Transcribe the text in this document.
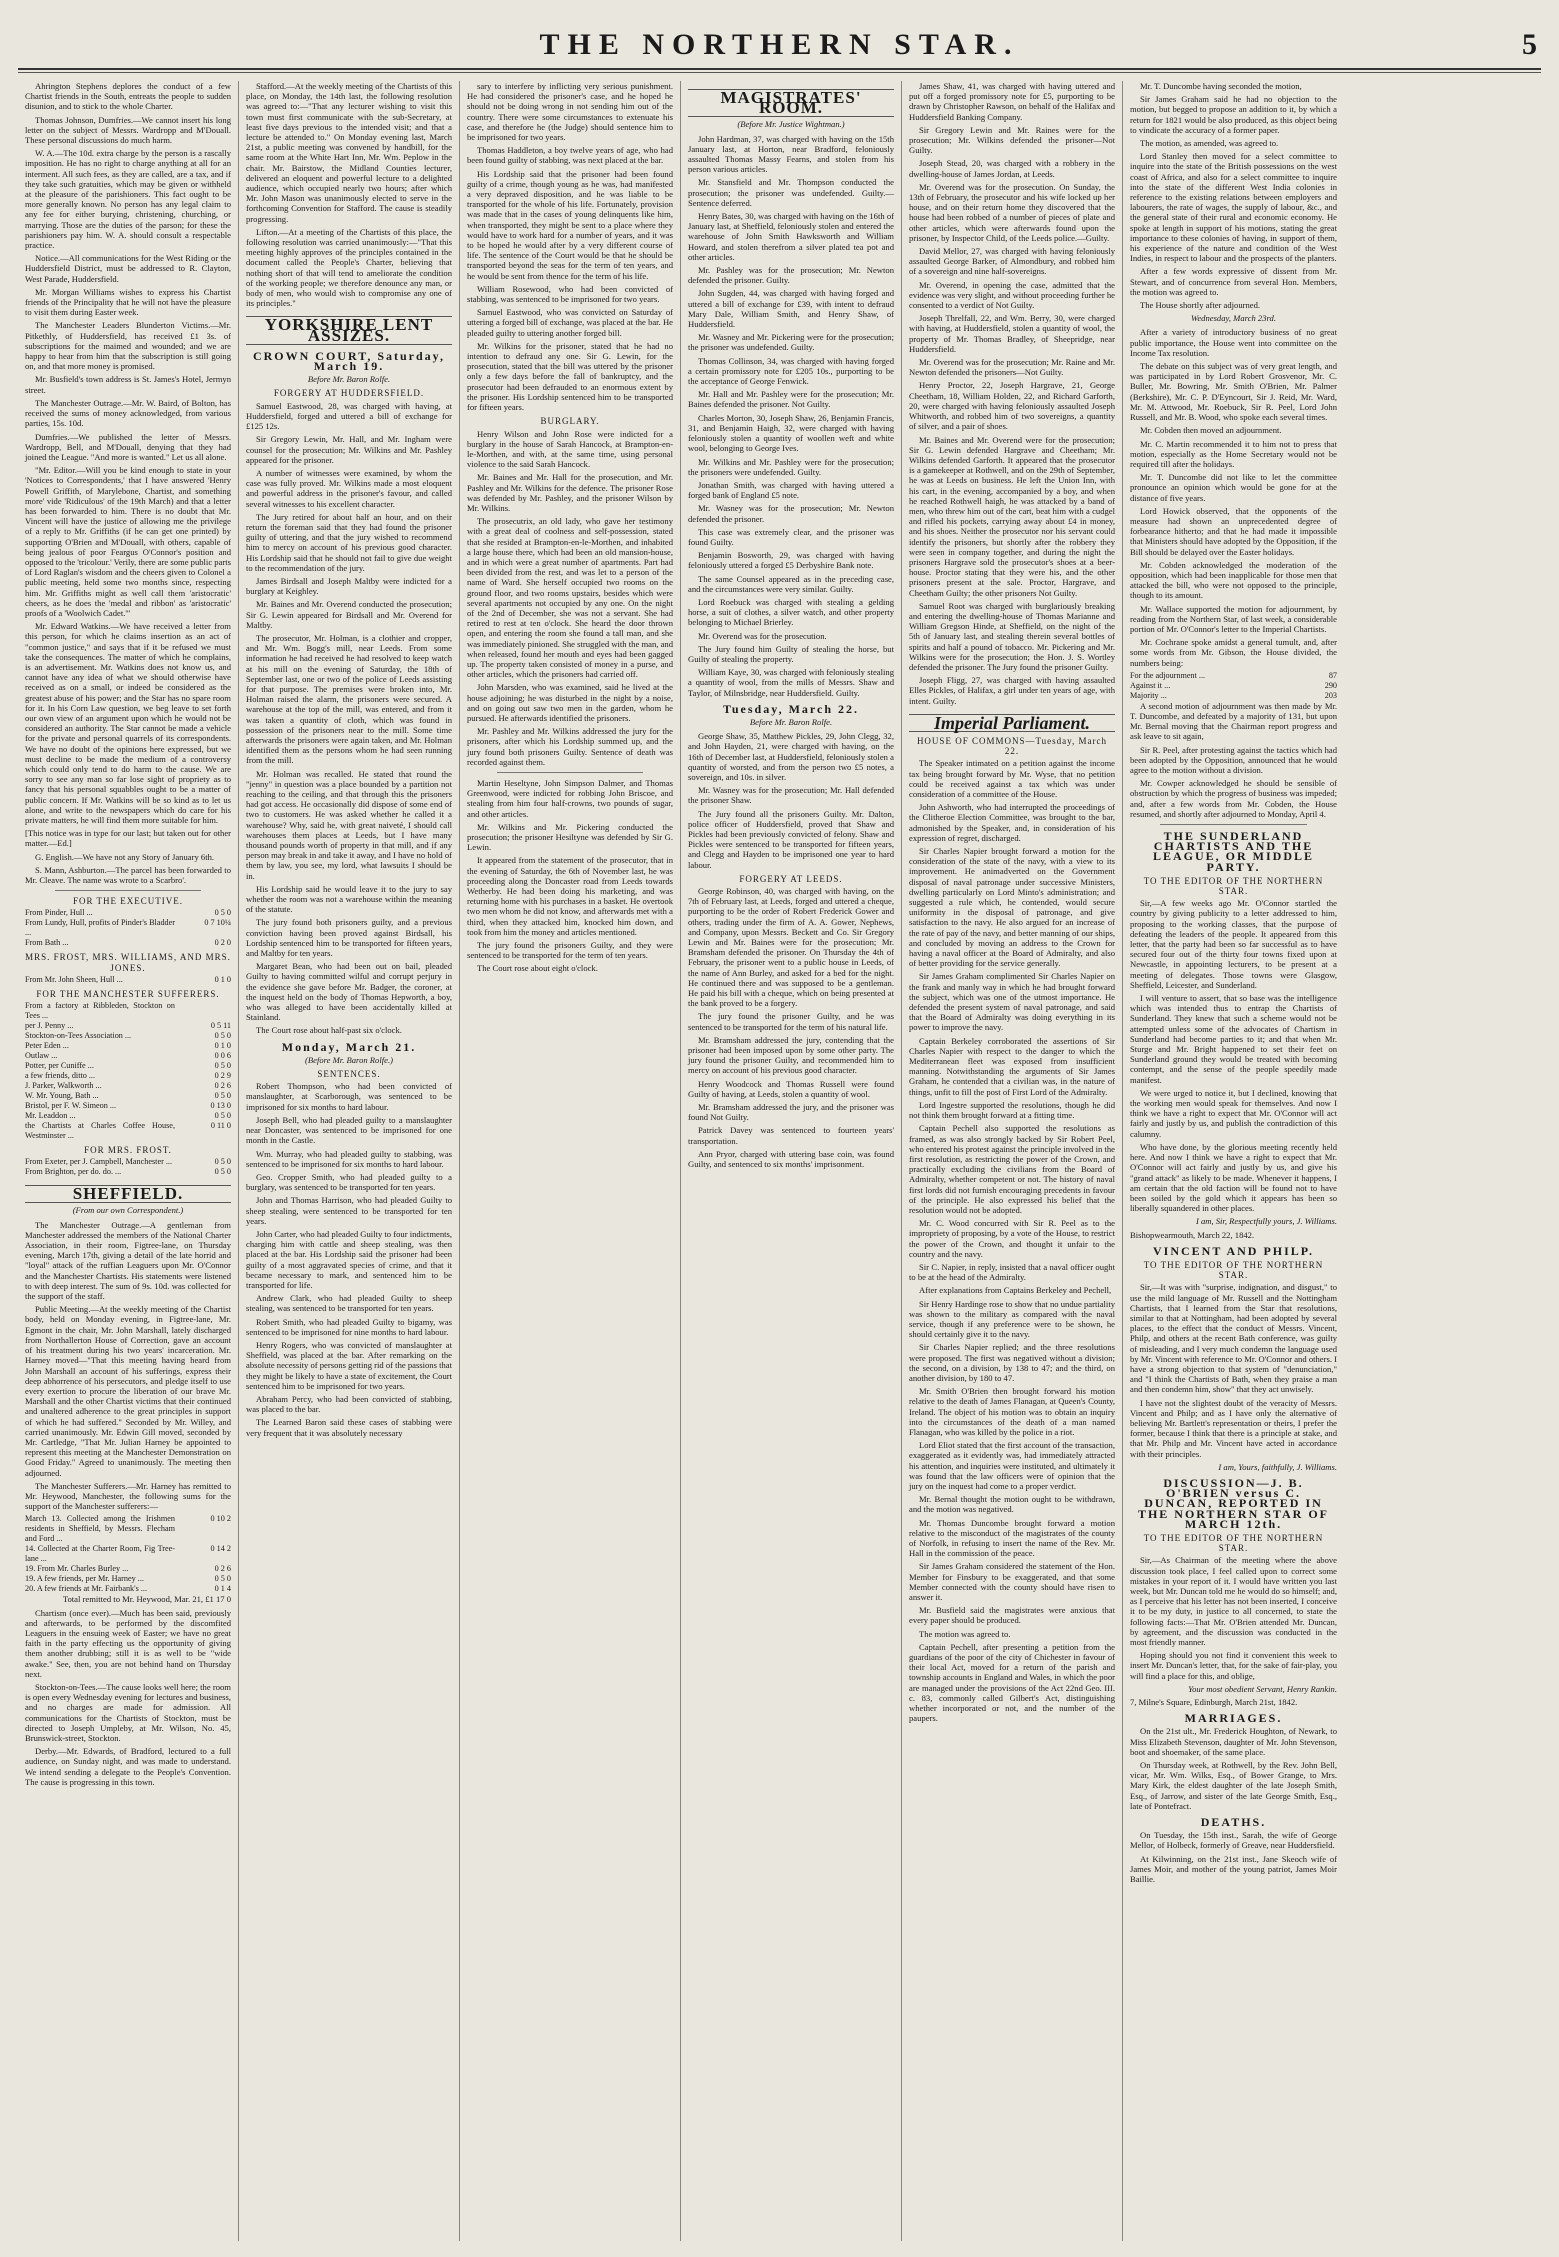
THE NORTHERN STAR.	5

Ahrington Stephens deplores the conduct of a few Chartist friends in the South, entreats the people to sudden disunion, and to stick to the whole Charter.

Thomas Johnson, Dumfries.—We cannot insert his long letter on the subject of Messrs. Wardropp and M'Douall. These personal discussions do much harm.

W. A.—The 10d. extra charge by the person is a rascally imposition. He has no right to charge anything at all for an interment. All such fees, as they are called, are a tax, and if they take such gratuities, which may be given or withheld at the pleasure of the parishioners. This fact ought to be more generally known. No person has any legal claim to any fee for either burying, christening, churching, or marrying. Those are the duties of the parson; for these the parishioners pay him. W. A. should consult a respectable practice.

Notice.—All communications for the West Riding or the Huddersfield District, must be addressed to R. Clayton, West Parade, Huddersfield.

Mr. Morgan Williams wishes to express his Chartist friends of the Principality that he will not have the pleasure to visit them during Easter week.

The Manchester Leaders Blunderton Victims.—Mr. Pitkethly, of Huddersfield, has received £1 3s. of subscriptions for the maimed and wounded; and we are happy to hear from him that the subscription is still going on, and that more money is promised.

Mr. Busfield's town address is St. James's Hotel, Jermyn street.

The Manchester Outrage.—Mr. W. Baird, of Bolton, has received the sums of money acknowledged, from various parties, 15s. 10d.

Dumfries.—We published the letter of Messrs. Wardropp, Bell, and M'Douall, denying that they had joined the League. "And more is wanted." Let us all alone.

"Mr. Editor.—Will you be kind enough to state in your 'Notices to Correspondents,' that I have answered 'Henry Powell Griffith, of Marylebone, Chartist, and something more' vide 'Ridiculous' of the 19th March) and that a letter has been forwarded to him. There is no doubt that Mr. Vincent will have the justice of allowing me the privilege of a reply to Mr. Griffiths (if he can get one printed) by supporting O'Brien and M'Douall, with others, capable of being jealous of poor Feargus O'Connor's position and opposed to the 'tricolour.' Verily, there are some public parts of Lord Raglan's wisdom and the cheers given to Colonel a public meeting, held some two months since, respecting him. Mr. Griffiths might as well call them 'aristocratic' cheers, as he does the 'medal and ribbon' as 'aristocratic' proofs of a 'Woolwich Cadet.'"

Mr. Edward Watkins.—We have received a letter from this person, for which he claims insertion as an act of "common justice," and says that if it be refused we must take the consequences. The matter of which he complains, is an advertisement. Mr. Watkins does not know us, and cannot have any idea of what we should otherwise have received as on a small, or indeed be considered as the greatest abuse of his power; and the Star has no spare room for it. In his Corn Law question, we beg leave to set forth our own view of an argument upon which he would not be considered an authority. The Star cannot be made a vehicle for the private and personal quarrels of its correspondents. We have no doubt of the opinions here expressed, but we must decline to be made the medium of a controversy which could only tend to do harm to the cause. We are sorry to see any man so far lose sight of propriety as to fancy that his personal squabbles ought to be a matter of public concern. If Mr. Watkins will be so kind as to let us alone, and write to the newspapers which do care for his private matters, he will find them more suitable for him.

[This notice was in type for our last; but taken out for other matter.—Ed.]

G. English.—We have not any Story of January 6th.

S. Mann, Ashburton.—The parcel has been forwarded to Mr. Cleave. The name was wrote to a Scarbro'.

FOR THE EXECUTIVE.
From Pinder, Hull ...	0 5 0
From Lundy, Hull, profits of Pinder's Bladder ...	0 7 10¼
From Bath ...	0 2 0
MRS. FROST, MRS. WILLIAMS, AND MRS. JONES.
From Mr. John Sheen, Hull ...	0 1 0
FOR THE MANCHESTER SUFFERERS.
From a factory at Ribbleden, Stockton on Tees ...	
per J. Penny ...	0 5 11
Stockton-on-Tees Association ...	0 5 0
Peter Eden ...	0 1 0
Outlaw ...	0 0 6
Potter, per Cuniffe ...	0 5 0
a few friends, ditto ...	0 2 9
J. Parker, Walkworth ...	0 2 6
W. Mr. Young, Bath ...	0 5 0
Bristol, per F. W. Simeon ...	0 13 0
Mr. Leaddon ...	0 5 0
the Chartists at Charles Coffee House, Westminster ...	0 11 0
FOR MRS. FROST.
From Exeter, per J. Campbell, Manchester ...	0 5 0
From Brighton, per do. do. ...	0 5 0
SHEFFIELD.
(From our own Correspondent.)

The Manchester Outrage.—A gentleman from Manchester addressed the members of the National Charter Association, in their room, Figtree-lane, on Thursday evening, March 17th, giving a detail of the late horrid and "loyal" attack of the ruffian Leaguers upon Mr. O'Connor and the Manchester Chartists. His statements were listened to with deep interest. The sum of 9s. 10d. was collected for the support of the staff.

Public Meeting.—At the weekly meeting of the Chartist body, held on Monday evening, in Figtree-lane, Mr. Egmont in the chair, Mr. John Marshall, lately discharged from Northallerton House of Correction, gave an account of his treatment during his two years' incarceration. Mr. Harney moved—"That this meeting having heard from John Marshall an account of his sufferings, express their deep abhorrence of his persecutors, and pledge itself to use every exertion to procure the liberation of our brave Mr. Marshall and the other Chartist victims that their continued and unaltered adherence to the great principles in support of which he had suffered." Seconded by Mr. Willey, and carried unanimously. Mr. Edwin Gill moved, seconded by Mr. Cartledge, "That Mr. Julian Harney be appointed to represent this meeting at the Manchester Demonstration on Good Friday." Agreed to unanimously. The meeting then adjourned.

The Manchester Sufferers.—Mr. Harney has remitted to Mr. Heywood, Manchester, the following sums for the support of the Manchester sufferers:—

March 13. Collected among the Irishmen residents in Sheffield, by Messrs. Flecham and Ford ...	0 10 2
14. Collected at the Charter Room, Fig Tree-lane ...	0 14 2
19. From Mr. Charles Burley ...	0 2 6
19. A few friends, per Mr. Harney ...	0 5 0
20. A few friends at Mr. Fairbank's ...	0 1 4

Total remitted to Mr. Heywood, Mar. 21, £1 17 0

Chartism (once ever).—Much has been said, previously and afterwards, to be performed by the discomfited Leaguers in the ensuing week of Easter; we have no great faith in the party effecting us the opportunity of giving them another drubbing; still it is as well to be "wide awake." See, then, you are not behind hand on Thursday next.

Stockton-on-Tees.—The cause looks well here; the room is open every Wednesday evening for lectures and business, and no charges are made for admission. All communications for the Chartists of Stockton, must be directed to Joseph Umpleby, at Mr. Wilson, No. 45, Brunswick-street, Stockton.

Derby.—Mr. Edwards, of Bradford, lectured to a full audience, on Sunday night, and was made to understand. We intend sending a delegate to the People's Convention. The cause is progressing in this town.

Stafford.—At the weekly meeting of the Chartists of this place, on Monday, the 14th last, the following resolution was agreed to:—"That any lecturer wishing to visit this town must first communicate with the sub-Secretary, at least five days previous to the intended visit; and that a lecture be attended to." On Monday evening last, March 21st, a public meeting was convened by handbill, for the same room at the White Hart Inn, Mr. Wm. Peplow in the chair. Mr. Bairstow, the Midland Counties lecturer, delivered an eloquent and powerful lecture to a delighted audience, which occupied nearly two hours; after which Mr. John Mason was unanimously elected to serve in the forthcoming Convention for Stafford. The cause is steadily progressing.

Lifton.—At a meeting of the Chartists of this place, the following resolution was carried unanimously:—"That this meeting highly approves of the principles contained in the document called the People's Charter, believing that nothing short of that will tend to ameliorate the condition of the working people; we therefore denounce any man, or body of men, who would wish to compromise any one of its principles."

YORKSHIRE LENT ASSIZES.
CROWN COURT, Saturday, March 19.
Before Mr. Baron Rolfe.
FORGERY AT HUDDERSFIELD.

Samuel Eastwood, 28, was charged with having, at Huddersfield, forged and uttered a bill of exchange for £125 12s.

Sir Gregory Lewin, Mr. Hall, and Mr. Ingham were counsel for the prosecution; Mr. Wilkins and Mr. Pashley appeared for the prisoner.

A number of witnesses were examined, by whom the case was fully proved. Mr. Wilkins made a most eloquent and powerful address in the prisoner's favour, and called several witnesses to his excellent character.

The Jury retired for about half an hour, and on their return the foreman said that they had found the prisoner guilty of uttering, and that the jury wished to recommend him to mercy on account of his previous good character. His Lordship said that he should not fail to give due weight to the recommendation of the jury.

James Birdsall and Joseph Maltby were indicted for a burglary at Keighley.

Mr. Baines and Mr. Overend conducted the prosecution; Sir G. Lewin appeared for Birdsall and Mr. Overend for Maltby.

The prosecutor, Mr. Holman, is a clothier and cropper, and Mr. Wm. Bogg's mill, near Leeds. From some information he had received he had resolved to keep watch at his mill on the evening of Saturday, the 18th of September last, one or two of the police of Leeds assisting for that purpose. The premises were broken into, Mr. Holman raised the alarm, the prisoners were secured. A warehouse at the top of the mill, was entered, and from it was taken a quantity of cloth, which was found in possession of the prisoners near to the mill. Some time afterwards the prisoners were again taken, and Mr. Holman identified them as the persons whom he had seen running from the mill.

Mr. Holman was recalled. He stated that round the "jenny" in question was a place bounded by a partition not reaching to the ceiling, and that through this the prisoners had got access. He occasionally did dispose of some end of two to customers. He was asked whether he called it a warehouse? Why, said he, with great naiveté, I should call warehouses them places at Leeds, but I have many thousand pounds worth of property in that mill, and if any person may break in and take it away, and I have no hold of them by law, you see, my lord, what lawsuits I should be in.

His Lordship said he would leave it to the jury to say whether the room was not a warehouse within the meaning of the statute.

The jury found both prisoners guilty, and a previous conviction having been proved against Birdsall, his Lordship sentenced him to be transported for fifteen years, and Maltby for ten years.

Margaret Bean, who had been out on bail, pleaded Guilty to having committed wilful and corrupt perjury in the evidence she gave before Mr. Badger, the coroner, at the inquest held on the body of Thomas Hepworth, a boy, who was alleged to have been accidentally killed at Stainland.

The Court rose about half-past six o'clock.

Monday, March 21.
(Before Mr. Baron Rolfe.)
SENTENCES.

Robert Thompson, who had been convicted of manslaughter, at Scarborough, was sentenced to be imprisoned for six months to hard labour.

Joseph Bell, who had pleaded guilty to a manslaughter near Doncaster, was sentenced to be imprisoned for one month in the Castle.

Wm. Murray, who had pleaded guilty to stabbing, was sentenced to be imprisoned for six months to hard labour.

Geo. Cropper Smith, who had pleaded guilty to a burglary, was sentenced to be transported for ten years.

John and Thomas Harrison, who had pleaded Guilty to sheep stealing, were sentenced to be transported for ten years.

John Carter, who had pleaded Guilty to four indictments, charging him with cattle and sheep stealing, was then placed at the bar. His Lordship said the prisoner had been guilty of a most aggravated species of crime, and that it became necessary to mark, and sentenced him to be transported for life.

Andrew Clark, who had pleaded Guilty to sheep stealing, was sentenced to be transported for ten years.

Robert Smith, who had pleaded Guilty to bigamy, was sentenced to be imprisoned for nine months to hard labour.

Henry Rogers, who was convicted of manslaughter at Sheffield, was placed at the bar. After remarking on the absolute necessity of persons getting rid of the passions that they might be likely to have a state of excitement, the Court sentenced him to be imprisoned for two years.

Abraham Percy, who had been convicted of stabbing, was placed to the bar.

The Learned Baron said these cases of stabbing were very frequent that it was absolutely necessary

sary to interfere by inflicting very serious punishment. He had considered the prisoner's case, and he hoped he should not be doing wrong in not sending him out of the country. There were some circumstances to extenuate his case, and therefore he (the Judge) should sentence him to be imprisoned for two years.

Thomas Haddleton, a boy twelve years of age, who had been found guilty of stabbing, was next placed at the bar.

His Lordship said that the prisoner had been found guilty of a crime, though young as he was, had manifested a very depraved disposition, and he was liable to be transported for the whole of his life. Fortunately, provision was made that in the cases of young delinquents like him, when transported, they might be sent to a place where they would have to work hard for a number of years, and it was to be hoped he would after by a very different course of life. The sentence of the Court would be that he should be transported beyond the seas for the term of ten years, and he would be sent from thence for the term of his life.

William Rosewood, who had been convicted of stabbing, was sentenced to be imprisoned for two years.

Samuel Eastwood, who was convicted on Saturday of uttering a forged bill of exchange, was placed at the bar. He pleaded guilty to uttering another forged bill.

Mr. Wilkins for the prisoner, stated that he had no intention to defraud any one. Sir G. Lewin, for the prosecution, stated that the bill was uttered by the prisoner only a few days before the fall of bankruptcy, and the prosecutor had been defrauded to an enormous extent by the prisoner. His Lordship sentenced him to be transported for fifteen years.

BURGLARY.

Henry Wilson and John Rose were indicted for a burglary in the house of Sarah Hancock, at Brampton-en-le-Morthen, and with, at the same time, using personal violence to the said Sarah Hancock.

Mr. Baines and Mr. Hall for the prosecution, and Mr. Pashley and Mr. Wilkins for the defence. The prisoner Rose was defended by Mr. Pashley, and the prisoner Wilson by Mr. Wilkins.

The prosecutrix, an old lady, who gave her testimony with a great deal of coolness and self-possession, stated that she resided at Brampton-en-le-Morthen, and inhabited a large house there, which had been an old mansion-house, and in which were a great number of apartments. Part had been divided from the rest, and was let to a person of the name of Ward. She herself occupied two rooms on the ground floor, and two rooms upstairs, besides which were several apartments not occupied by any one. On the night of the 2nd of December, she was not a servant. She had retired to rest at ten o'clock. She heard the door thrown open, and entering the room she found a tall man, and she was immediately pinioned. She struggled with the man, and when released, found her mouth and eyes had been gagged up. The property taken consisted of money in a purse, and other articles, which the prisoners had carried off.

John Marsden, who was examined, said he lived at the house adjoining; he was disturbed in the night by a noise, and on going out saw two men in the garden, whom he pursued. He afterwards identified the prisoners.

Mr. Pashley and Mr. Wilkins addressed the jury for the prisoners, after which his Lordship summed up, and the jury found both prisoners Guilty. Sentence of death was recorded against them.

Martin Heseltyne, John Simpson Dalmer, and Thomas Greenwood, were indicted for robbing John Briscoe, and stealing from him four half-crowns, two pounds of sugar, and other articles.

Mr. Wilkins and Mr. Pickering conducted the prosecution; the prisoner Hesiltyne was defended by Sir G. Lewin.

It appeared from the statement of the prosecutor, that in the evening of Saturday, the 6th of November last, he was proceeding along the Doncaster road from Leeds towards Wetherby. He had been doing his marketing, and was returning home with his purchases in a basket. He overtook two men whom he did not know, and afterwards met with a third, when they attacked him, knocked him down, and took from him the money and articles mentioned.

The jury found the prisoners Guilty, and they were sentenced to be transported for the term of ten years.

The Court rose about eight o'clock.

MAGISTRATES' ROOM.
(Before Mr. Justice Wightman.)

John Hardman, 37, was charged with having on the 15th January last, at Horton, near Bradford, feloniously assaulted Thomas Massy Fearns, and stolen from his person various articles.

Mr. Stansfield and Mr. Thompson conducted the prosecution; the prisoner was undefended. Guilty.—Sentence deferred.

Henry Bates, 30, was charged with having on the 16th of January last, at Sheffield, feloniously stolen and entered the warehouse of John Smith Hawksworth and William Howard, and stolen therefrom a silver plated tea pot and other articles.

Mr. Pashley was for the prosecution; Mr. Newton defended the prisoner. Guilty.

John Sugden, 44, was charged with having forged and uttered a bill of exchange for £39, with intent to defraud Mary Dale, William Smith, and Henry Shaw, of Huddersfield.

Mr. Wasney and Mr. Pickering were for the prosecution; the prisoner was undefended. Guilty.

Thomas Collinson, 34, was charged with having forged a certain promissory note for £205 10s., purporting to be the acceptance of George Fenwick.

Mr. Hall and Mr. Pashley were for the prosecution; Mr. Baines defended the prisoner. Not Guilty.

Charles Morton, 30, Joseph Shaw, 26, Benjamin Francis, 31, and Benjamin Haigh, 32, were charged with having feloniously stolen a quantity of woollen weft and white wool, belonging to George Ives.

Mr. Wilkins and Mr. Pashley were for the prosecution; the prisoners were undefended. Guilty.

Jonathan Smith, was charged with having uttered a forged bank of England £5 note.

Mr. Wasney was for the prosecution; Mr. Newton defended the prisoner.

This case was extremely clear, and the prisoner was found Guilty.

Benjamin Bosworth, 29, was charged with having feloniously uttered a forged £5 Derbyshire Bank note.

The same Counsel appeared as in the preceding case, and the circumstances were very similar. Guilty.

Lord Roebuck was charged with stealing a gelding horse, a suit of clothes, a silver watch, and other property belonging to Michael Brierley.

Mr. Overend was for the prosecution.

The Jury found him Guilty of stealing the horse, but Guilty of stealing the property.

William Kaye, 30, was charged with feloniously stealing a quantity of wool, from the mills of Messrs. Shaw and Taylor, of Milnsbridge, near Huddersfield. Guilty.

Tuesday, March 22.
Before Mr. Baron Rolfe.

George Shaw, 35, Matthew Pickles, 29, John Clegg, 32, and John Hayden, 21, were charged with having, on the 16th of December last, at Huddersfield, feloniously stolen a quantity of worsted, and from the person two £5 notes, a sovereign, and 10s. in silver.

Mr. Wasney was for the prosecution; Mr. Hall defended the prisoner Shaw.

The Jury found all the prisoners Guilty. Mr. Dalton, police officer of Huddersfield, proved that Shaw and Pickles had been previously convicted of felony. Shaw and Pickles were sentenced to be transported for fifteen years, and Clegg and Hayden to be imprisoned one year to hard labour.

FORGERY AT LEEDS.

George Robinson, 40, was charged with having, on the 7th of February last, at Leeds, forged and uttered a cheque, purporting to be the order of Robert Frederick Gower and others, trading under the firm of A. A. Gower, Nephews, and Company, upon Messrs. Beckett and Co. Sir Gregory Lewin and Mr. Baines were for the prosecution; Mr. Bramsham defended the prisoner. On Thursday the 4th of February, the prisoner went to a public house in Leeds, of the name of Ann Burley, and asked for a bed for the night. He continued there and was supposed to be a gentleman. He paid his bill with a cheque, which on being presented at the bank proved to be a forgery.

The jury found the prisoner Guilty, and he was sentenced to be transported for the term of his natural life.

Mr. Bramsham addressed the jury, contending that the prisoner had been imposed upon by some other party. The jury found the prisoner Guilty, and recommended him to mercy on account of his previous good character.

Henry Woodcock and Thomas Russell were found Guilty of having, at Leeds, stolen a quantity of wool.

Mr. Bramsham addressed the jury, and the prisoner was found Not Guilty.

Patrick Davey was sentenced to fourteen years' transportation.

Ann Pryor, charged with uttering base coin, was found Guilty, and sentenced to six months' imprisonment.

James Shaw, 41, was charged with having uttered and put off a forged promissory note for £5, purporting to be drawn by Christopher Rawson, on behalf of the Halifax and Huddersfield Banking Company.

Sir Gregory Lewin and Mr. Raines were for the prosecution; Mr. Wilkins defended the prisoner—Not Guilty.

Joseph Stead, 20, was charged with a robbery in the dwelling-house of James Jordan, at Leeds.

Mr. Overend was for the prosecution. On Sunday, the 13th of February, the prosecutor and his wife locked up her house, and on their return home they discovered that the house had been robbed of a number of pieces of plate and other articles, which were afterwards found upon the prisoner, by Inspector Child, of the Leeds police.—Guilty.

David Mellor, 27, was charged with having feloniously assaulted George Barker, of Almondbury, and robbed him of a sovereign and nine half-sovereigns.

Mr. Overend, in opening the case, admitted that the evidence was very slight, and without proceeding further he consented to a verdict of Not Guilty.

Joseph Threlfall, 22, and Wm. Berry, 30, were charged with having, at Huddersfield, stolen a quantity of wool, the property of Mr. Thomas Bradley, of Sheepridge, near Huddersfield.

Mr. Overend was for the prosecution; Mr. Raine and Mr. Newton defended the prisoners—Not Guilty.

Henry Proctor, 22, Joseph Hargrave, 21, George Cheetham, 18, William Holden, 22, and Richard Garforth, 20, were charged with having feloniously assaulted Joseph Whitworth, and robbed him of two sovereigns, a quantity of silver, and a pair of shoes.

Mr. Baines and Mr. Overend were for the prosecution; Sir G. Lewin defended Hargrave and Cheetham; Mr. Wilkins defended Garforth. It appeared that the prosecutor is a gamekeeper at Rothwell, and on the 29th of September, he was at Leeds on business. He left the Union Inn, with his cart, in the evening, accompanied by a boy, and when he reached Rothwell haigh, he was attacked by a band of men, who threw him out of the cart, beat him with a cudgel and rifled his pockets, carrying away about £4 in money, and his shoes. Neither the prosecutor nor his servant could identify the prisoners, but shortly after the robbery they were seen in company together, and during the night the prisoners Hargrave sold the prosecutor's shoes at a beer-house. Proctor stating that they were his, and the other prisoners present at the sale. Proctor, Hargrave, and Cheetham Guilty; the other prisoners Not Guilty.

Samuel Root was charged with burglariously breaking and entering the dwelling-house of Thomas Marianne and William Gregson Hinde, at Sheffield, on the night of the 5th of January last, and stealing therein several bottles of spirits and half a pound of tobacco. Mr. Pickering and Mr. Wilkins were for the prosecution; the Hon. J. S. Wortley defended the prisoner. The Jury found the prisoner Guilty.

Joseph Fligg, 27, was charged with having assaulted Elles Pickles, of Halifax, a girl under ten years of age, with intent. Guilty.

Imperial Parliament.
HOUSE OF COMMONS—Tuesday, March 22.

The Speaker intimated on a petition against the income tax being brought forward by Mr. Wyse, that no petition could be received against a tax which was under consideration of a committee of the House.

John Ashworth, who had interrupted the proceedings of the Clitheroe Election Committee, was brought to the bar, admonished by the Speaker, and, in consideration of his expression of regret, discharged.

Sir Charles Napier brought forward a motion for the consideration of the state of the navy, with a view to its improvement. He animadverted on the Government disposal of naval patronage under successive Ministers, dwelling particularly on Lord Minto's administration; and suggested a rule which, he contended, would secure uniformity in the disposal of patronage, and give satisfaction to the navy. He also argued for an increase of the rate of pay of the navy, and better manning of our ships, and concluded by moving an address to the Crown for having a naval officer at the Board of Admiralty, and also of better providing for the service generally.

Sir James Graham complimented Sir Charles Napier on the frank and manly way in which he had brought forward the subject, which was one of the utmost importance. He defended the present system of naval patronage, and said that the Board of Admiralty was doing everything in its power to improve the navy.

Captain Berkeley corroborated the assertions of Sir Charles Napier with respect to the danger to which the Mediterranean fleet was exposed from insufficient manning. Notwithstanding the arguments of Sir James Graham, he contended that a civilian was, in the nature of things, unfit to fill the post of First Lord of the Admiralty.

Lord Ingestre supported the resolutions, though he did not think them brought forward at a fitting time.

Captain Pechell also supported the resolutions as framed, as was also strongly backed by Sir Robert Peel, who entered his protest against the principle involved in the first resolution, as restricting the power of the Crown, and practically excluding the civilians from the Board of Admiralty, whether competent or not. The history of naval first lords did not furnish encouraging precedents in favour of the principle. He also expressed his belief that the resolution would not be adopted.

Mr. C. Wood concurred with Sir R. Peel as to the impropriety of proposing, by a vote of the House, to restrict the power of the Crown, and thought it unfair to the country and the navy.

Sir C. Napier, in reply, insisted that a naval officer ought to be at the head of the Admiralty.

After explanations from Captains Berkeley and Pechell,

Sir Henry Hardinge rose to show that no undue partiality was shown to the military as compared with the naval service, though if any preference were to be shown, he should certainly give it to the navy.

Sir Charles Napier replied; and the three resolutions were proposed. The first was negatived without a division; the second, on a division, by 138 to 47; and the third, on another division, by 180 to 47.

Mr. Smith O'Brien then brought forward his motion relative to the death of James Flanagan, at Queen's County, Ireland. The object of his motion was to obtain an inquiry into the circumstances of the death of a man named Flanagan, who was killed by the police in a riot.

Lord Eliot stated that the first account of the transaction, exaggerated as it evidently was, had immediately attracted his attention, and inquiries were instituted, and ultimately it was found that the law officers were of opinion that the jury on the inquest had come to a proper verdict.

Mr. Bernal thought the motion ought to be withdrawn, and the motion was negatived.

Mr. Thomas Duncombe brought forward a motion relative to the misconduct of the magistrates of the county of Norfolk, in refusing to insert the name of the Rev. Mr. Hall in the commission of the peace.

Sir James Graham considered the statement of the Hon. Member for Finsbury to be exaggerated, and that some Member connected with the county should have risen to answer it.

Mr. Busfield said the magistrates were anxious that every paper should be produced.

The motion was agreed to.

Captain Pechell, after presenting a petition from the guardians of the poor of the city of Chichester in favour of their local Act, moved for a return of the parish and township accounts in England and Wales, in which the poor are managed under the provisions of the Act 22nd Geo. III. c. 83, commonly called Gilbert's Act, distinguishing whether incorporated or not, and the number of the paupers.

Mr. T. Duncombe having seconded the motion,

Sir James Graham said he had no objection to the motion, but begged to propose an addition to it, by which a return for 1821 would be also produced, as this object being to vindicate the accuracy of a former paper.

The motion, as amended, was agreed to.

Lord Stanley then moved for a select committee to inquire into the state of the British possessions on the west coast of Africa, and also for a select committee to inquire into the state of the different West India colonies in reference to the existing relations between employers and labourers, the rate of wages, the supply of labour, &c., and the general state of their rural and economic economy. He spoke at length in support of his motions, stating the great importance to these colonies of having, in support of them, his experience of the nature and condition of the West Indies, in respect to labour and the prospects of the planters.

After a few words expressive of dissent from Mr. Stewart, and of concurrence from several Hon. Members, the motion was agreed to.

The House shortly after adjourned.

Wednesday, March 23rd.

After a variety of introductory business of no great public importance, the House went into committee on the Income Tax resolution.

The debate on this subject was of very great length, and was participated in by Lord Robert Grosvenor, Mr. C. Buller, Mr. Bowring, Mr. Smith O'Brien, Mr. Palmer (Berkshire), Mr. C. P. D'Eyncourt, Sir J. Reid, Mr. Ward, Mr. M. Attwood, Mr. Roebuck, Sir R. Peel, Lord John Russell, and Mr. B. Wood, who spoke each several times.

Mr. Cobden then moved an adjournment.

Mr. C. Martin recommended it to him not to press that motion, especially as the Home Secretary would not be required till after the holidays.

Mr. T. Duncombe did not like to let the committee pronounce an opinion which would be gone for at the distance of five years.

Lord Howick observed, that the opponents of the measure had shown an unprecedented degree of forbearance hitherto; and that he had made it impossible that Ministers should have adopted by the Opposition, if the Bill should be delayed over the Easter holidays.

Mr. Cobden acknowledged the moderation of the opposition, which had been inapplicable for those men that attacked the bill, who were not opposed to the principle, though to its amount.

Mr. Wallace supported the motion for adjournment, by reading from the Northern Star, of last week, a considerable portion of Mr. O'Connor's letter to the Imperial Chartists.

Mr. Cochrane spoke amidst a general tumult, and, after some words from Mr. Gibson, the House divided, the numbers being:

For the adjournment ...	87
Against it ...	290
Majority ...	203

A second motion of adjournment was then made by Mr. T. Duncombe, and defeated by a majority of 131, but upon Mr. Bernal moving that the Chairman report progress and ask leave to sit again,

Sir R. Peel, after protesting against the tactics which had been adopted by the Opposition, announced that he would agree to the motion without a division.

Mr. Cowper acknowledged he should be sensible of obstruction by which the progress of business was impeded; and, after a few words from Mr. Cobden, the House resumed, and shortly after adjourned to Monday, April 4.

THE SUNDERLAND CHARTISTS AND THE LEAGUE, OR MIDDLE PARTY.
TO THE EDITOR OF THE NORTHERN STAR.

Sir,—A few weeks ago Mr. O'Connor startled the country by giving publicity to a letter addressed to him, proposing to the working classes, that the purpose of defeating the leaders of the people. It appeared from this letter, that the party had been so far successful as to have secured four out of the thirty four towns fixed upon at Newcastle, in appointing lecturers, to be present at a meeting of delegates. Those towns were Glasgow, Sheffield, Leicester, and Sunderland.

I will venture to assert, that so base was the intelligence which was intended thus to entrap the Chartists of Sunderland. They knew that such a scheme would not be attempted unless some of the advocates of Chartism in Sunderland had become parties to it; and that when Mr. Sturge and Mr. Bright happened to set their feet on Sunderland ground they would be treated with becoming contempt, and the sense of the people speedily made manifest.

We were urged to notice it, but I declined, knowing that the working men would speak for themselves. And now I think we have a right to expect that Mr. O'Connor will act fairly and justly by us, and publish the contradiction of this calumny.

Who have done, by the glorious meeting recently held here. And now I think we have a right to expect that Mr. O'Connor will act fairly and justly by us, and give his "grand attack" as likely to be made. Whenever it happens, I am certain that the old faction will be found not to have been soiled by the gold which it appears has been so liberally squandered in other places.

I am, Sir, Respectfully yours, J. Williams.

Bishopwearmouth, March 22, 1842.

VINCENT AND PHILP.
TO THE EDITOR OF THE NORTHERN STAR.

Sir,—It was with "surprise, indignation, and disgust," to use the mild language of Mr. Russell and the Nottingham Chartists, that I learned from the Star that resolutions, similar to that at Nottingham, had been adopted by several places, to the effect that the conduct of Messrs. Vincent, Philp, and others at the recent Bath conference, was guilty of misleading, and I very much condemn the language used by Mr. Vincent with reference to Mr. O'Connor and others. I have a strong objection to that system of "denunciation," and "I think the Chartists of Bath, when they praise a man and then condemn him, show" that they act unwisely.

I have not the slightest doubt of the veracity of Messrs. Vincent and Philp; and as I have only the alternative of believing Mr. Bartlett's representation or theirs, I prefer the former, because I think that there is a principle at stake, and that Mr. Philp and Mr. Vincent have acted in accordance with their principles.

I am, Yours, faithfully, J. Williams.

DISCUSSION—J. B. O'BRIEN versus C. DUNCAN, REPORTED IN THE NORTHERN STAR OF MARCH 12th.
TO THE EDITOR OF THE NORTHERN STAR.

Sir,—As Chairman of the meeting where the above discussion took place, I feel called upon to correct some mistakes in your report of it. I would have written you last week, but Mr. Duncan told me he would do so himself; and, as I perceive that his letter has not been inserted, I conceive it to be my duty, in justice to all concerned, to state the following facts:—That Mr. O'Brien attended Mr. Duncan, by agreement, and the discussion was conducted in the most friendly manner.

Hoping should you not find it convenient this week to insert Mr. Duncan's letter, that, for the sake of fair-play, you will find a place for this, and oblige,

Your most obedient Servant, Henry Rankin.

7, Milne's Square, Edinburgh, March 21st, 1842.

MARRIAGES.

On the 21st ult., Mr. Frederick Houghton, of Newark, to Miss Elizabeth Stevenson, daughter of Mr. John Stevenson, boot and shoemaker, of the same place.

On Thursday week, at Rothwell, by the Rev. John Bell, vicar, Mr. Wm. Wilks, Esq., of Bower Grange, to Mrs. Mary Kirk, the eldest daughter of the late Joseph Smith, Esq., of Jarrow, and sister of the late George Smith, Esq., late of Pontefract.

DEATHS.

On Tuesday, the 15th inst., Sarah, the wife of George Mellor, of Holbeck, formerly of Greave, near Huddersfield.

At Kilwinning, on the 21st inst., Jane Skeoch wife of James Moir, and mother of the young patriot, James Moir Baillie.
